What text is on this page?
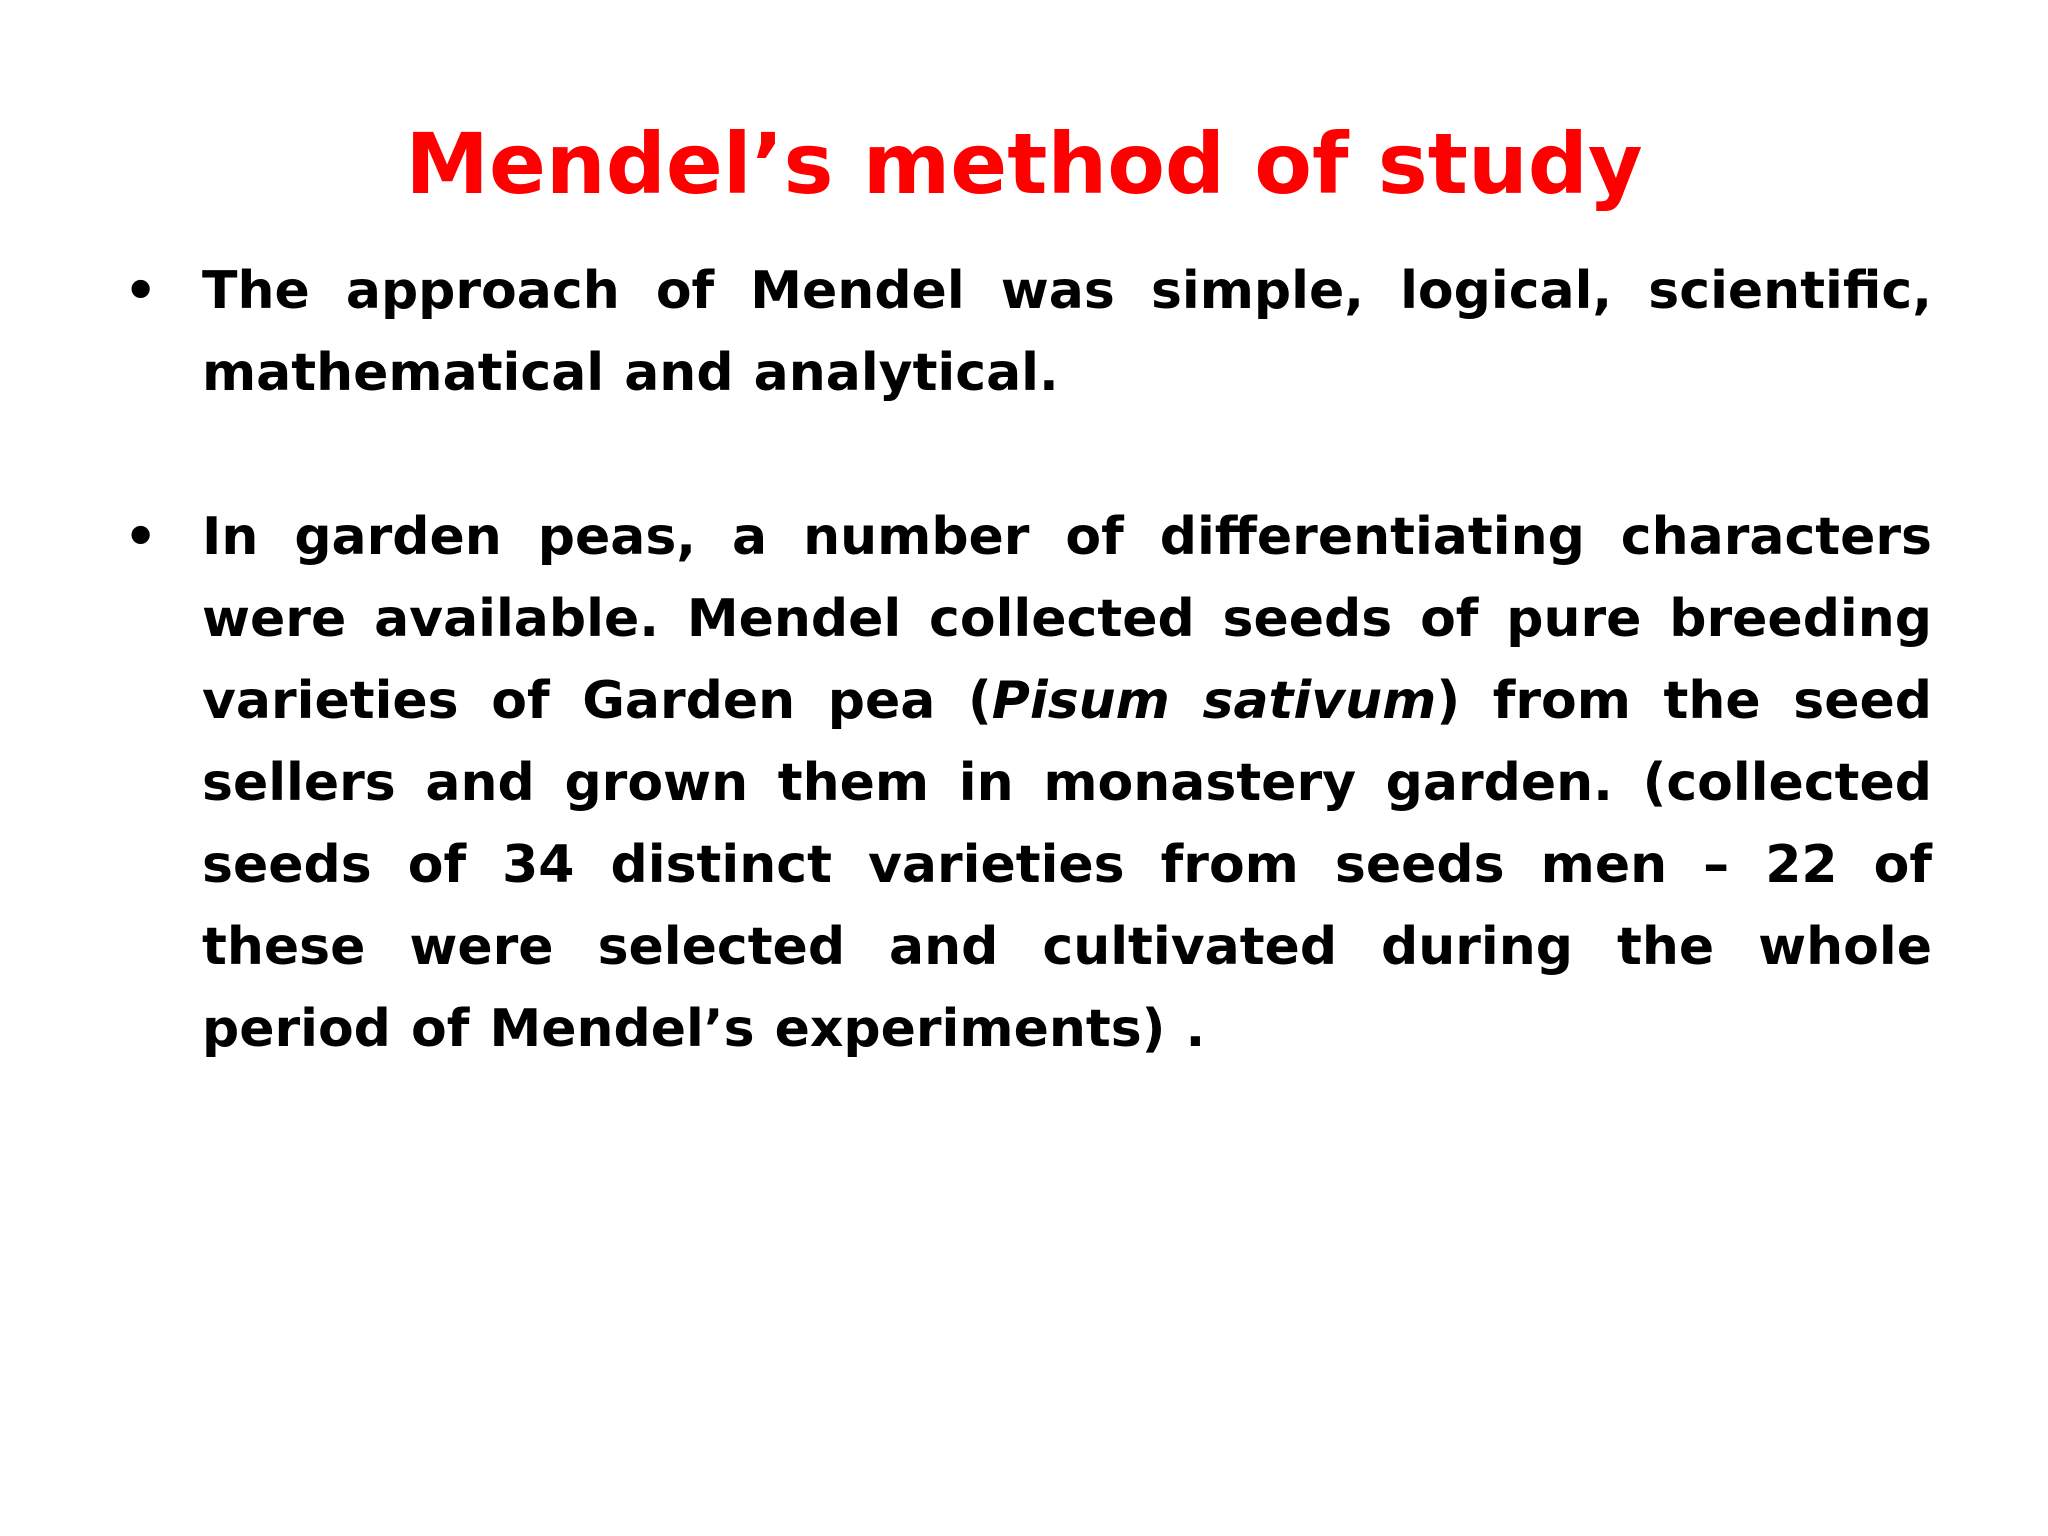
Mendel’s method of study
• The approach of Mendel was simple, logical, scientific, mathematical and analytical.
• In garden peas, a number of differentiating characters were available. Mendel collected seeds of pure breeding varieties of Garden pea (Pisum sativum) from the seed sellers and grown them in monastery garden. (collected seeds of 34 distinct varieties from seeds men – 22 of these were selected and cultivated during the whole period of Mendel’s experiments) .
